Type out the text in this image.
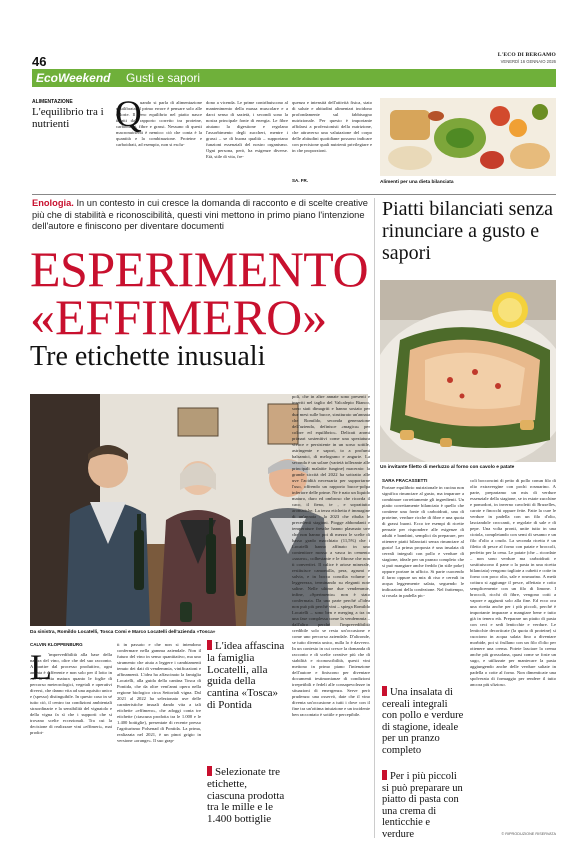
46	L'ECO DI BERGAMO
VENERDÌ 16 GENNAIO 2026
EcoWeekend Gusti e sapori
ALIMENTAZIONE
L'equilibrio tra i nutrienti	Q

uando si parla di alimentazione equilibrata, il primo errore è pensare solo alle calorie. Il vero equilibrio nel piatto nasce infatti dal rapporto corretto tra proteine, carboidrati, fibre e grassi. Nessuno di questi macronutrienti è nemico: ciò che conta è la quantità e la combinazione. Proteine e carboidrati, ad esempio, non si esclu-

dono a vicenda. Le prime contribuiscono al mantenimento della massa muscolare e a darci senso di sazietà, i secondi sono la nostra principale fonte di energia. Le fibre aiutano la digestione e regolano l'assorbimento degli zuccheri, mentre i grassi – se di buona qualità – supportano funzioni essenziali del nostro organismo. Ogni persona, però, ha esigenze diverse. Età, stile di vita, fre-

quenza e intensità dell'attività fisica, stato di salute e abitudini alimentari incidono profondamente sul fabbisogno nutrizionale. Per questo è importante affidarsi a professionisti della nutrizione, che attraverso una valutazione del corpo delle abitudini quotidiane possono indicare con precisione quali nutrienti privilegiare e in che proporzioni.

SA. FR.	Alimenti per una dieta bilanciata
Enologia. In un contesto in cui cresce la domanda di racconto e di scelte creative più che di stabilità e riconoscibilità, questi vini mettono in primo piano l'intenzione dell'autore e finiscono per diventare documenti
ESPERIMENTO
«EFFIMERO»
Tre etichette inusuali
Piatti bilanciati senza rinunciare a gusto e sapori
Un invitante filetto di merluzzo al forno con cavolo e patate
Da sinistra, Romildo Locatelli, Tosca Comi e Marco Locatelli dell'azienda «Tosca»
CALVIN KLOPPENBURG
L

'imprevedibilità alla base della natura del vino, oltre che del suo racconto. A partire dal processo produttivo, ogni annata è differente e non solo per il lotto in cui la vetta matura quanto le foglie di percorso meteorologici, vegetali e operativi diversi, che danno vita ad una aquisito unico e (spesso) distinguibile. In questo caso in sé tutto ciò, il centro tra condizioni ambientali straordinarie e la sensibilità del vignaiolo e della vigna fa sì che i supporti che si trovano scelte eccezionali. Tra cui la decisione di realizzare vini «effimeri», mai prodot-

ti in passato e che non si intendono confermare nella gamma aziendale. Non il futuro del vino in senso quantitativo, ma uno strumento che aiuta a leggere i cambiamenti tenuto dei dati di vendemmia, vinificazioni e affinamenti. L'idea ha affascinato la famiglia Locatelli, alla guida della cantina Tosca di Pontida, che da oltre vent'anni opera nella regione biologico circa Settoriali vigna. Dal 2021 al 2022 ha selezionato uve delle caratteristiche insuali dando vita a tali etichette «effimero», che adoggi conta tre etichette (ciascuna prodotta tra le 1.000 e le 1.400 bottiglie), presentate di recente presso l'agriturismo Polsenad di Pontida. La prima, realizzata nel 2021, è un pinot grigio in versione «orange». Il suo grap-

L'idea affascina la famiglia Locatelli, alla guida della cantina «Tosca» di Pontida
Selezionate tre etichette, ciascuna prodotta tra le mille e le 1.400 bottiglie

poli, che in altre annate sono presenti e inseriti nel taglio del Valcalepio Bianco, sono stati dimagriti e hanno sostato per due mesi sulle bucce, strutturato un'annata che Romildo, seconda generazione dell'azienda, definisce «magica» per colore ed equilibrio». Delicati aromi primari sostenitivi come una speziatura vivace e persistente in un sorso sottile, astringente e sapori, to a profumi balsamici, di melograno e angurie. La seconda è un solare (varietà tollerante alle principali malattie fungine) macerato: la grande siccità del 2022 ha sottratto alle uve l'acidità necessaria per supportarne l'uso, offrendo un rapporto bucce-polpa inferiore delle prime. Ne è nato un liquido maturo, duro ed ombroso che ricorda il caco, il fieno, te , e soprattutto aromatiche. La terza etichetta è immagine di un'annata : la 2023 che ribalta le precedenti stagioni. Piogge abbondanti e temperature fresche hanno plasmato uve che non hanno poi di mezzo le scelte di basso grado macchiato (11,5%) che i Locatelli hanno affinato in uno contenitore mosso a vasca in cemento «suuvo», colbestante e le fibrose che non ti convertivi. Il calice è ariose minerale, restituisce camomilla, pera, agrumi e salvia, e in bocca concilia volume e leggerezza, terminando su eleganti note saline. Nelle ultime due vendemmie, infine, «Sperimento» non è stato confermata. Da una parte perché «l'idea non può più perché vini – spiega Romildo Locatelli – sono ben e merging a tra in una fase complessa come la vendemmia – dall'altro perché l'imprevedibilità credibile solo se resta un'occasione e come uno percorso aziendale. D'altronde, se tutto diventa unico, nulla lo è davvero. In un contesto in cui cresce la domanda di racconto e di scelte creative più che di stabilità e riconoscibilità, questi vini mettono in primo piano l'intenzione dell'autore e finiscono per diventare documenti testimonianze di condizioni irrepetibili e fedeli alle consapevolezze in situazioni di emergenza. Serve però prudenza: una osservò, date che il vino diventa un'occasione a tutti i dove con il fine tra un'ottima intuizione e un incidente ben raccontato è sottile e percepibile.

SARA FRACASSETTI

Portare equilibrio nutrizionale in cucina non significa rinunciare al gusto, ma imparare a combinare correttamente gli ingredienti. Un piatto correttamente bilanciato è quello che contiene una fonte di carboidrati, una di proteine, verdure ricche di fibre e una quota di grassi buoni. Ecco tre esempi di ricette pensate per rispondere alle esigenze di adulti e bambini, semplici da preparare, per ottenere piatti bilanciati senza rinunciare al gusto! La prima proposta è una insalata di cereali integrali con pollo e verdure di stagione, ideale per un pranzo completo che si può mangiare anche freddo (in stile poke) oppure portare in ufficio. Si parte cuocendo il farro oppure un mix di riso e cereali in acqua leggermente salata, seguendo le indicazioni della confezione. Nel frattempo, si rosola in padella pic-

Una insalata di cereali integrali con pollo e verdure di stagione, ideale per un pranzo completo
Per i più piccoli si può preparare un piatto di pasta con una crema di lenticchie e verdure

coli bocconcini di petto di pollo conun filo di olio extravergine con pochi rosmarino. A parte, prepariamo un mix di verdure essenziale della stagione, se in estate zucchine e pomodori, in inverno cavoletti di Bruxelles, carote e finocchi oppure fette. Fatte la cure le verdure in padella con un filo d'olio, lasciandole croccanti, e regolate di sale e di pepe. Una volta pronti, unite tutto in una ciotola, completando con semi di sesamo e un filo d'olio a crudo. La seconda ricetta è un filetto di pesce al forno con patate e broccoli, perfetto per la cena. Le patate (che – ricordate – non sono verdure ma carboidrati e sostituiscono il pane o la pasta in una ricetta bilanciata) vengono tagliate a cubetti e cotte in forno con poco olio, sale e rosmarino. A metà cottura si aggiunge il pesce, affettato e cotto semplicemente con un filo di limone. I broccoli, ricchi di fibre, vengono cotti a vapore e aggiunti solo alla fine. Ed ecco ora una ricetta anche per i più piccoli, perché è importante imparare a mangiare bene e tutto già in tenera età. Preparare un piatto di pasta con ceci e sedi lenticchie e verdure. Le lenticchie decorticate (la quota di proteine) si cuociono in acqua salata fino a diventare morbide, poi si frullano con un filo d'olio per ottenere una crema. Potete lasciare la crema anche più grossolana, quasi come se foste un sugo, e utilizzate per mantecare la pasta aggiungendo anche delle verdure saltate in padella o cotte al forno. Non dimenticate una spolverata di formaggio per rendere il tutto ancora più sfizioso.

© RIPRODUZIONE RISERVATA
